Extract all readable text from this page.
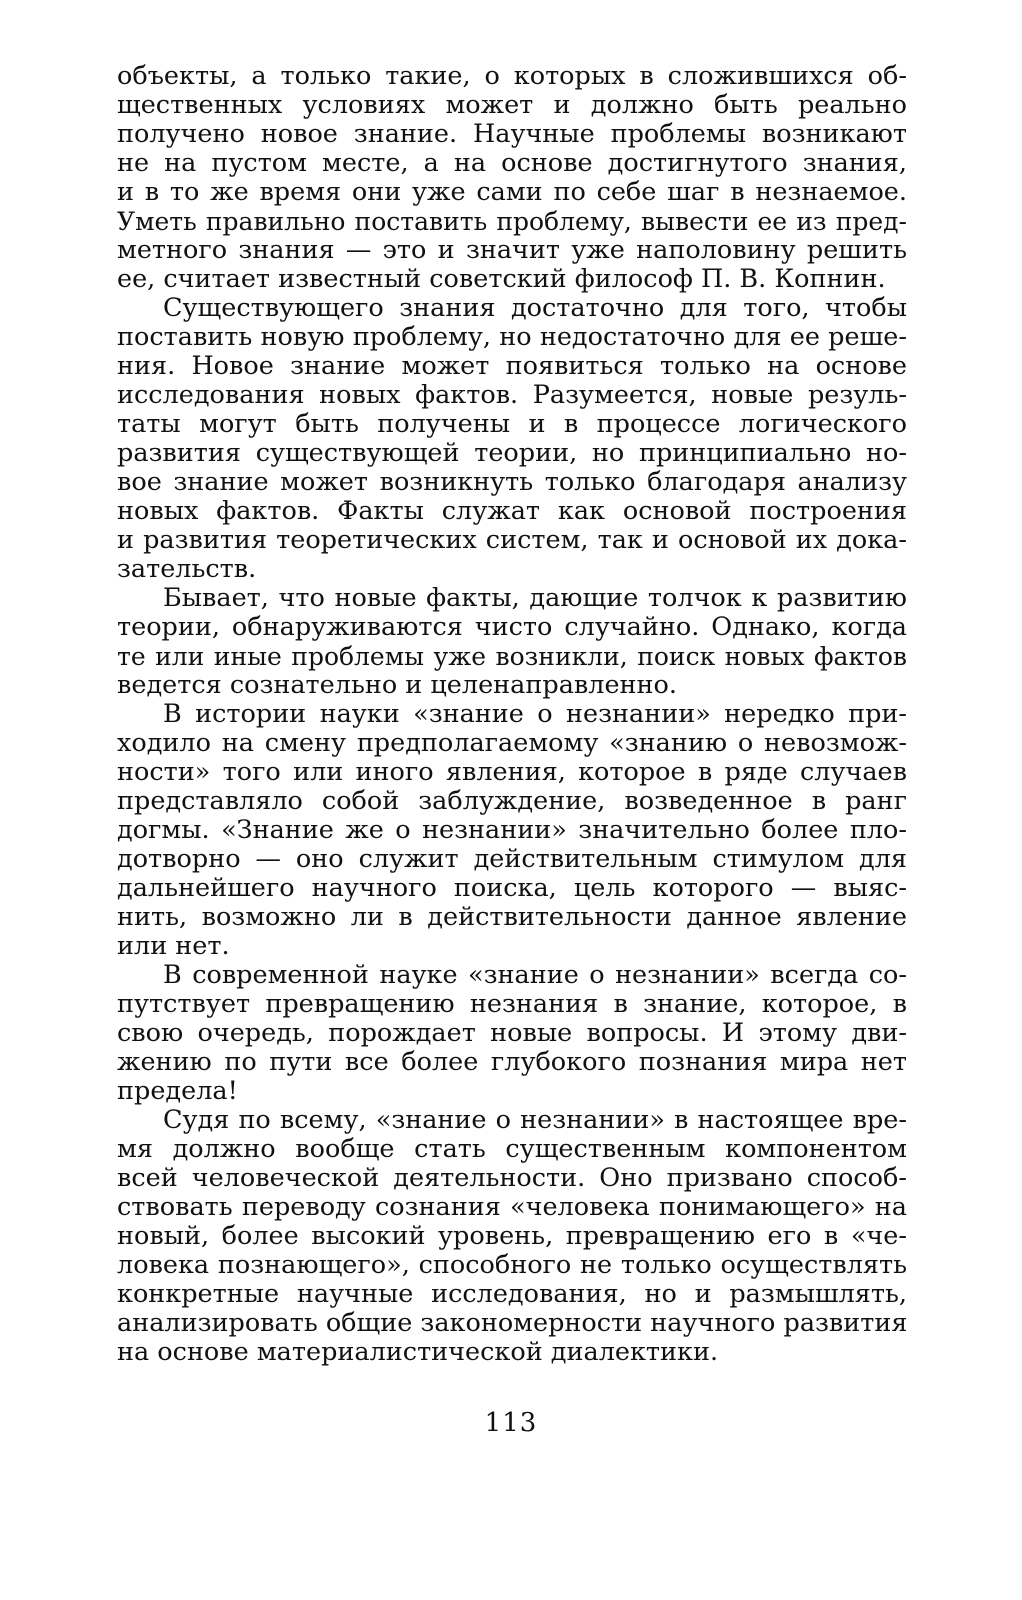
объекты, а только такие, о которых в сложившихся об-
щественных условиях может и должно быть реально
получено новое знание. Научные проблемы возникают
не на пустом месте, а на основе достигнутого знания,
и в то же время они уже сами по себе шаг в незнаемое.
Уметь правильно поставить проблему, вывести ее из пред-
метного знания — это и значит уже наполовину решить
ее, считает известный советский философ П. В. Копнин.
Существующего знания достаточно для того, чтобы
поставить новую проблему, но недостаточно для ее реше-
ния. Новое знание может появиться только на основе
исследования новых фактов. Разумеется, новые резуль-
таты могут быть получены и в процессе логического
развития существующей теории, но принципиально но-
вое знание может возникнуть только благодаря анализу
новых фактов. Факты служат как основой построения
и развития теоретических систем, так и основой их дока-
зательств.
Бывает, что новые факты, дающие толчок к развитию
теории, обнаруживаются чисто случайно. Однако, когда
те или иные проблемы уже возникли, поиск новых фактов
ведется сознательно и целенаправленно.
В истории науки «знание о незнании» нередко при-
ходило на смену предполагаемому «знанию о невозмож-
ности» того или иного явления, которое в ряде случаев
представляло собой заблуждение, возведенное в ранг
догмы. «Знание же о незнании» значительно более пло-
дотворно — оно служит действительным стимулом для
дальнейшего научного поиска, цель которого — выяс-
нить, возможно ли в действительности данное явление
или нет.
В современной науке «знание о незнании» всегда со-
путствует превращению незнания в знание, которое, в
свою очередь, порождает новые вопросы. И этому дви-
жению по пути все более глубокого познания мира нет
предела!
Судя по всему, «знание о незнании» в настоящее вре-
мя должно вообще стать существенным компонентом
всей человеческой деятельности. Оно призвано способ-
ствовать переводу сознания «человека понимающего» на
новый, более высокий уровень, превращению его в «че-
ловека познающего», способного не только осуществлять
конкретные научные исследования, но и размышлять,
анализировать общие закономерности научного развития
на основе материалистической диалектики.
113
